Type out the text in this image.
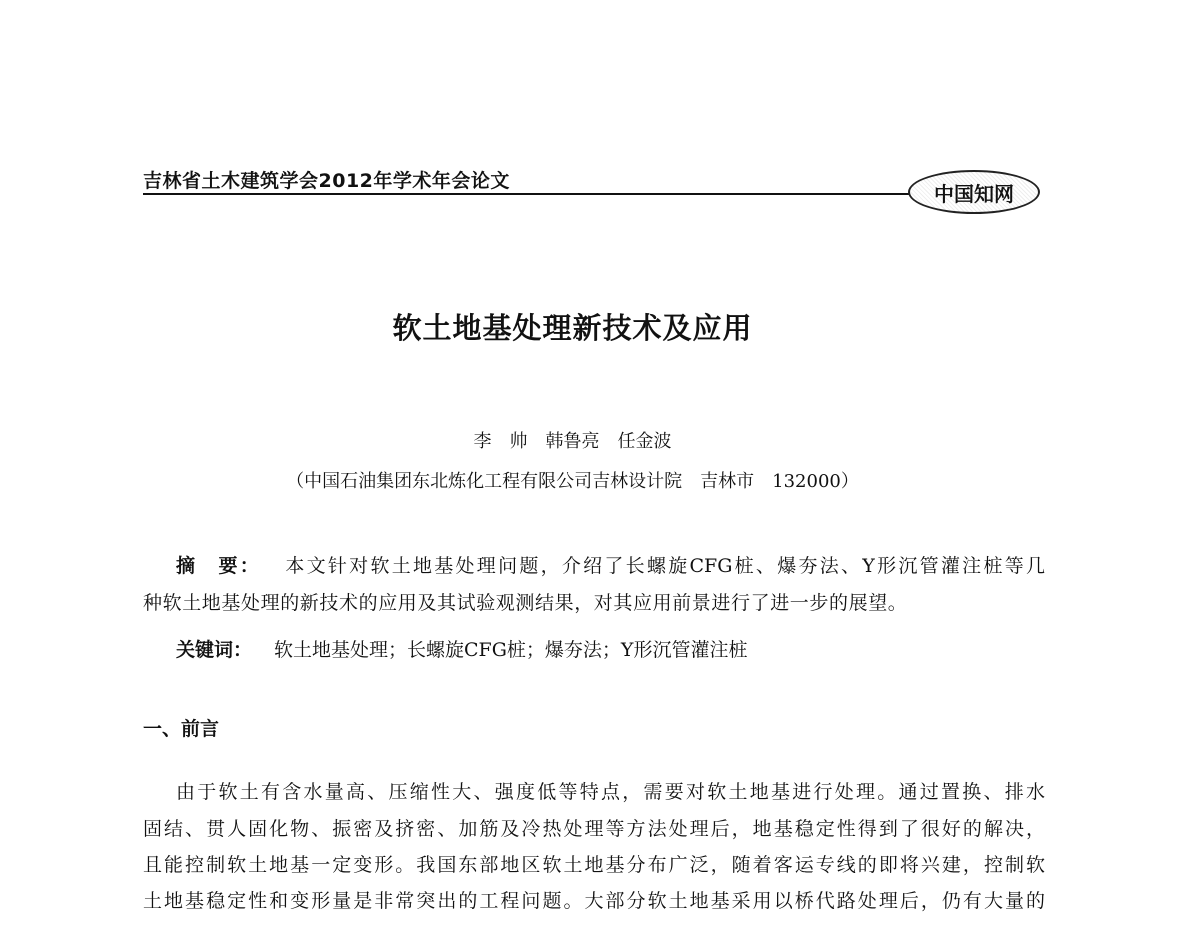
吉林省土木建筑学会2012年学术年会论文
中国知网
软土地基处理新技术及应用
李　帅　韩鲁亮　任金波
（中国石油集团东北炼化工程有限公司吉林设计院　吉林市　132000）
摘　要： 本文针对软土地基处理问题，介绍了长螺旋CFG桩、爆夯法、Y形沉管灌注桩等几
种软土地基处理的新技术的应用及其试验观测结果，对其应用前景进行了进一步的展望。
关键词： 软土地基处理；长螺旋CFG桩；爆夯法；Y形沉管灌注桩
一、前言
由于软土有含水量高、压缩性大、强度低等特点，需要对软土地基进行处理。通过置换、排水
固结、贯人固化物、振密及挤密、加筋及冷热处理等方法处理后，地基稳定性得到了很好的解决，
且能控制软土地基一定变形。我国东部地区软土地基分布广泛，随着客运专线的即将兴建，控制软
土地基稳定性和变形量是非常突出的工程问题。大部分软土地基采用以桥代路处理后，仍有大量的
